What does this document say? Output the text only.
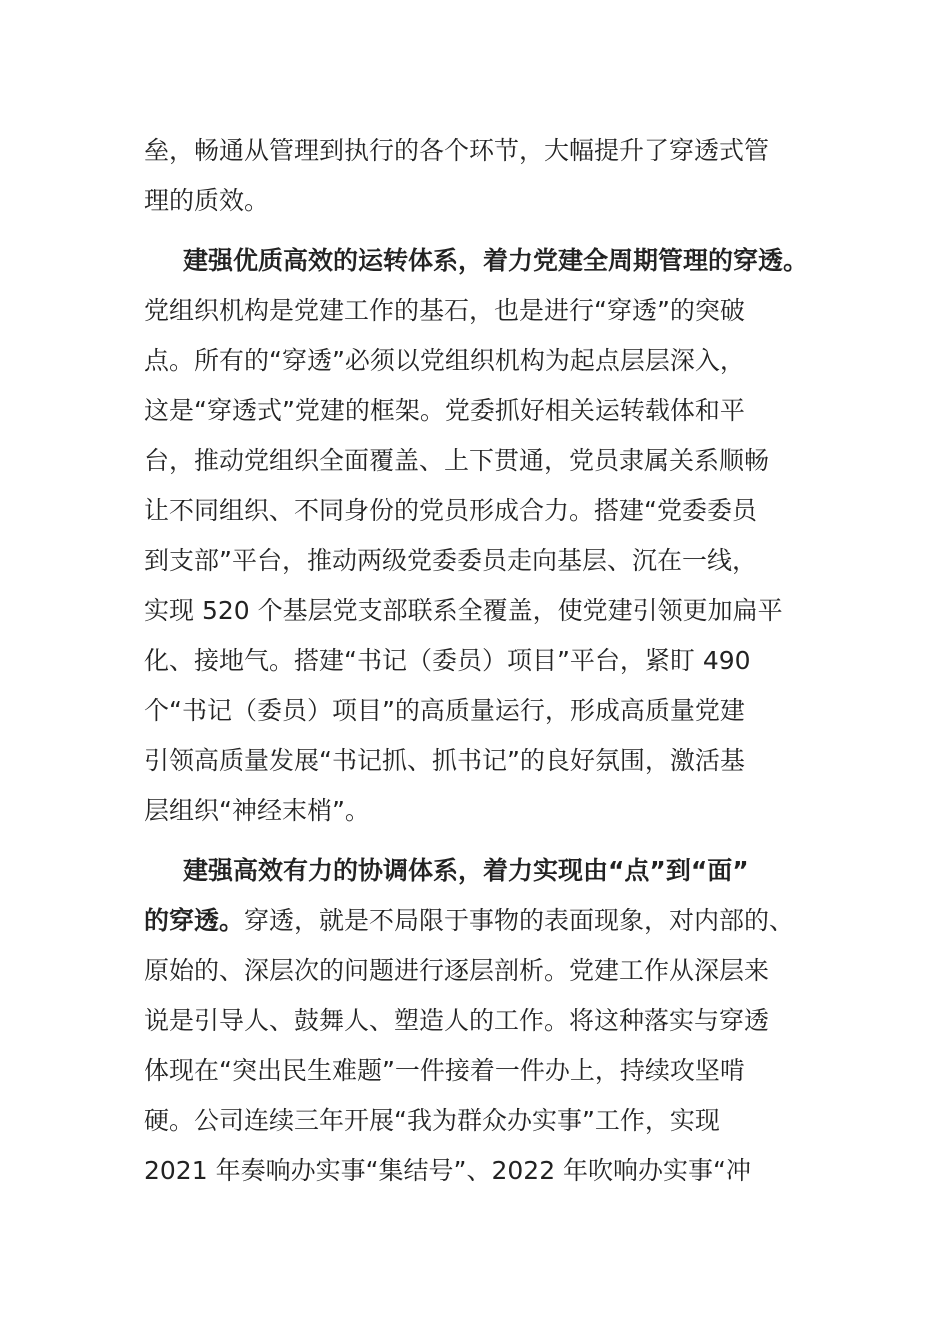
垒，畅通从管理到执行的各个环节，大幅提升了穿透式管
理的质效。
建强优质高效的运转体系，着力党建全周期管理的穿透。
党组织机构是党建工作的基石，也是进行“穿透”的突破
点。所有的“穿透”必须以党组织机构为起点层层深入，
这是“穿透式”党建的框架。党委抓好相关运转载体和平
台，推动党组织全面覆盖、上下贯通，党员隶属关系顺畅
让不同组织、不同身份的党员形成合力。搭建“党委委员
到支部”平台，推动两级党委委员走向基层、沉在一线，
实现 520 个基层党支部联系全覆盖，使党建引领更加扁平
化、接地气。搭建“书记（委员）项目”平台，紧盯 490
个“书记（委员）项目”的高质量运行，形成高质量党建
引领高质量发展“书记抓、抓书记”的良好氛围，激活基
层组织“神经末梢”。
建强高效有力的协调体系，着力实现由“点”到“面”
的穿透。穿透，就是不局限于事物的表面现象，对内部的、
原始的、深层次的问题进行逐层剖析。党建工作从深层来
说是引导人、鼓舞人、塑造人的工作。将这种落实与穿透
体现在“突出民生难题”一件接着一件办上，持续攻坚啃
硬。公司连续三年开展“我为群众办实事”工作，实现
2021 年奏响办实事“集结号”、2022 年吹响办实事“冲
